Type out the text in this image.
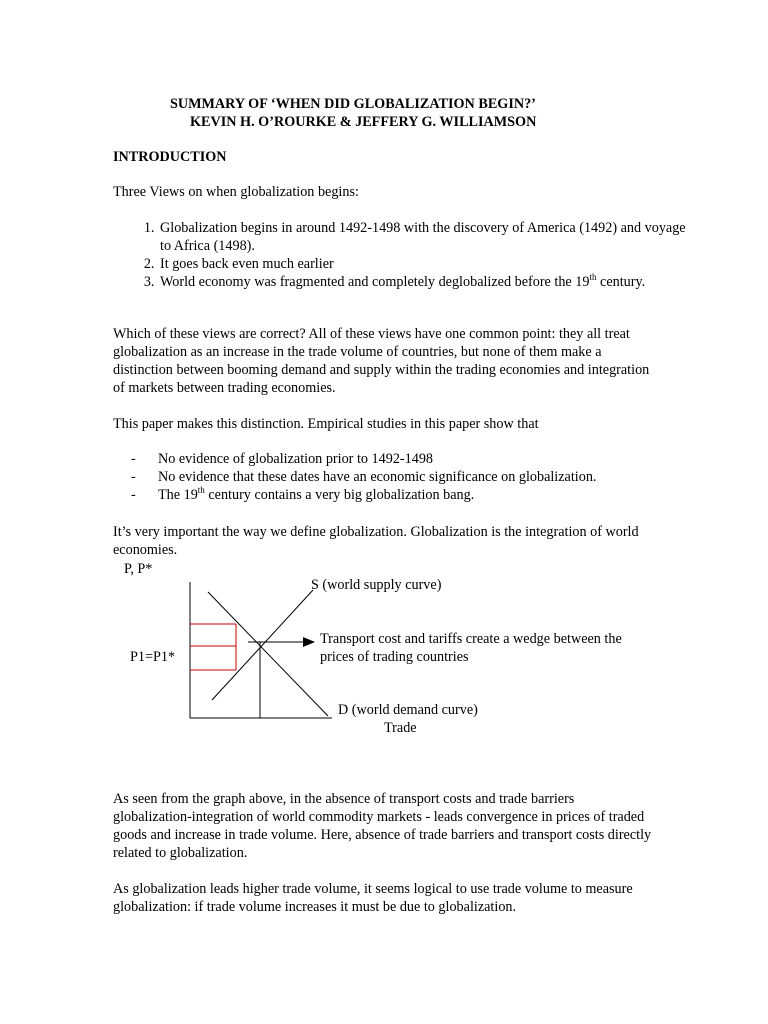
SUMMARY OF ‘WHEN DID GLOBALIZATION BEGIN?’
KEVIN H. O’ROURKE & JEFFERY G. WILLIAMSON
INTRODUCTION
Three Views on when globalization begins:
1. Globalization begins in around 1492-1498 with the discovery of America (1492) and voyage to Africa (1498).
2. It goes back even much earlier
3. World economy was fragmented and completely deglobalized before the 19th century.
Which of these views are correct? All of these views have one common point: they all treat globalization as an increase in the trade volume of countries, but none of them make a distinction between booming demand and supply within the trading economies and integration of markets between trading economies.
This paper makes this distinction. Empirical studies in this paper show that
- No evidence of globalization prior to 1492-1498
- No evidence that these dates have an economic significance on globalization.
- The 19th century contains a very big globalization bang.
It’s very important the way we define globalization. Globalization is the integration of world economies.
P, P*
S (world supply curve)
Transport cost and tariffs create a wedge between the
prices of trading countries
P1=P1*
D (world demand curve)
Trade
As seen from the graph above, in the absence of transport costs and trade barriers globalization-integration of world commodity markets - leads convergence in prices of traded goods and increase in trade volume. Here, absence of trade barriers and transport costs directly related to globalization.
As globalization leads higher trade volume, it seems logical to use trade volume to measure globalization: if trade volume increases it must be due to globalization.
